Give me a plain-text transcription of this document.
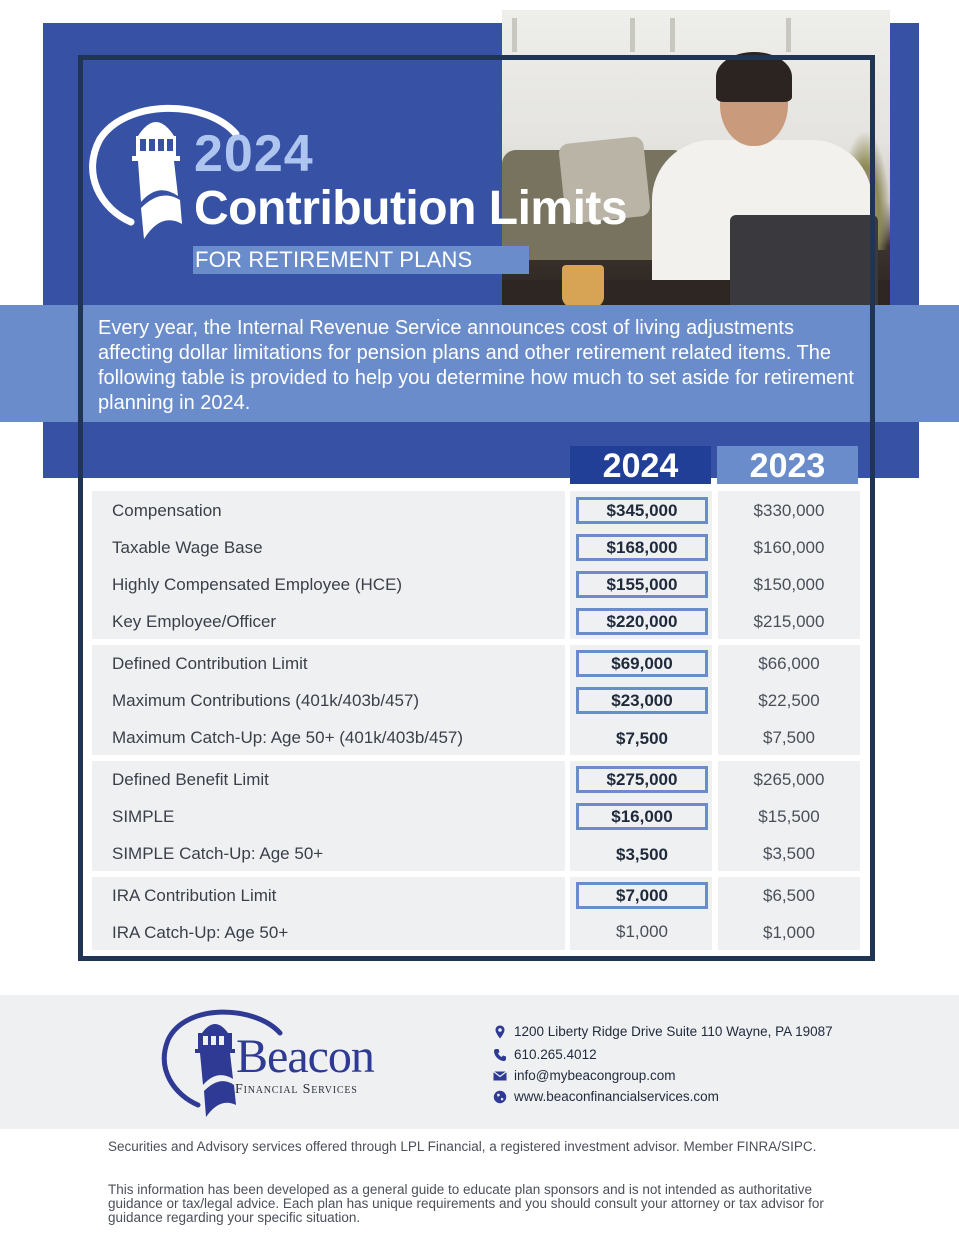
Every year, the Internal Revenue Service announces cost of living adjustments affecting dollar limitations for pension plans and other retirement related items. The following table is provided to help you determine how much to set aside for retirement planning in 2024.

2024
Contribution Limits
FOR RETIREMENT PLANS
2024	2023
Compensation	$345,000	$330,000
Taxable Wage Base	$168,000	$160,000
Highly Compensated Employee (HCE)	$155,000	$150,000
Key Employee/Officer	$220,000	$215,000
Defined Contribution Limit	$69,000	$66,000
Maximum Contributions (401k/403b/457)	$23,000	$22,500
Maximum Catch-Up: Age 50+ (401k/403b/457)	$7,500	$7,500
Defined Benefit Limit	$275,000	$265,000
SIMPLE	$16,000	$15,500
SIMPLE Catch-Up: Age 50+	$3,500	$3,500
IRA Contribution Limit	$7,000	$6,500
IRA Catch-Up: Age 50+	$1,000	$1,000
Beacon
Financial Services
1200 Liberty Ridge Drive Suite 110 Wayne, PA 19087
610.265.4012
info@mybeacongroup.com
www.beaconfinancialservices.com

Securities and Advisory services offered through LPL Financial, a registered investment advisor. Member FINRA/SIPC.

This information has been developed as a general guide to educate plan sponsors and is not intended as authoritative guidance or tax/legal advice. Each plan has unique requirements and you should consult your attorney or tax advisor for guidance regarding your specific situation.
